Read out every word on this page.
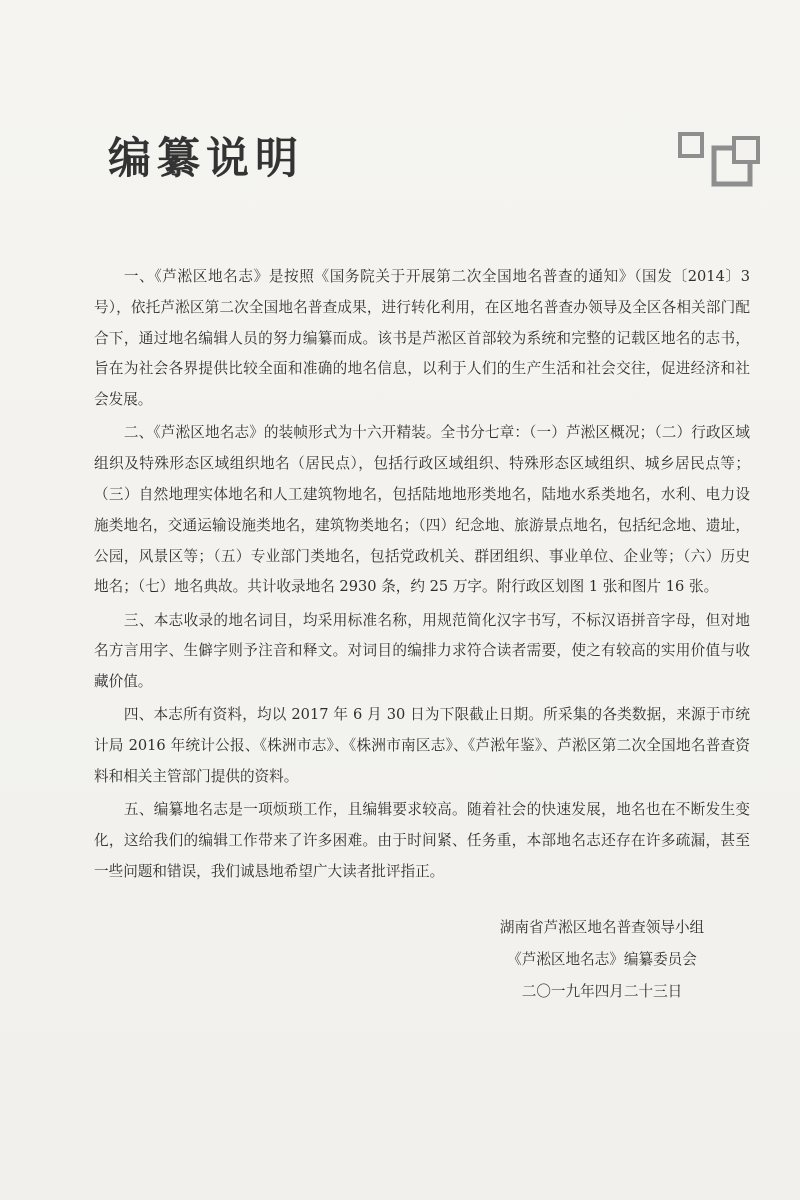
编纂说明

一、《芦淞区地名志》是按照《国务院关于开展第二次全国地名普查的通知》（国发〔2014〕3号），依托芦淞区第二次全国地名普查成果，进行转化利用，在区地名普查办领导及全区各相关部门配合下，通过地名编辑人员的努力编纂而成。该书是芦淞区首部较为系统和完整的记载区地名的志书，旨在为社会各界提供比较全面和准确的地名信息，以利于人们的生产生活和社会交往，促进经济和社会发展。

二、《芦淞区地名志》的装帧形式为十六开精装。全书分七章：（一）芦淞区概况；（二）行政区域组织及特殊形态区域组织地名（居民点），包括行政区域组织、特殊形态区域组织、城乡居民点等；（三）自然地理实体地名和人工建筑物地名，包括陆地地形类地名，陆地水系类地名，水利、电力设施类地名，交通运输设施类地名，建筑物类地名；（四）纪念地、旅游景点地名，包括纪念地、遗址，公园，风景区等；（五）专业部门类地名，包括党政机关、群团组织、事业单位、企业等；（六）历史地名；（七）地名典故。共计收录地名 2930 条，约 25 万字。附行政区划图 1 张和图片 16 张。

三、本志收录的地名词目，均采用标准名称，用规范简化汉字书写，不标汉语拼音字母，但对地名方言用字、生僻字则予注音和释文。对词目的编排力求符合读者需要，使之有较高的实用价值与收藏价值。

四、本志所有资料，均以 2017 年 6 月 30 日为下限截止日期。所采集的各类数据，来源于市统计局 2016 年统计公报、《株洲市志》、《株洲市南区志》、《芦淞年鉴》、芦淞区第二次全国地名普查资料和相关主管部门提供的资料。

五、编纂地名志是一项烦琐工作，且编辑要求较高。随着社会的快速发展，地名也在不断发生变化，这给我们的编辑工作带来了许多困难。由于时间紧、任务重，本部地名志还存在许多疏漏，甚至一些问题和错误，我们诚恳地希望广大读者批评指正。

湖南省芦淞区地名普查领导小组
《芦淞区地名志》编纂委员会
二〇一九年四月二十三日
